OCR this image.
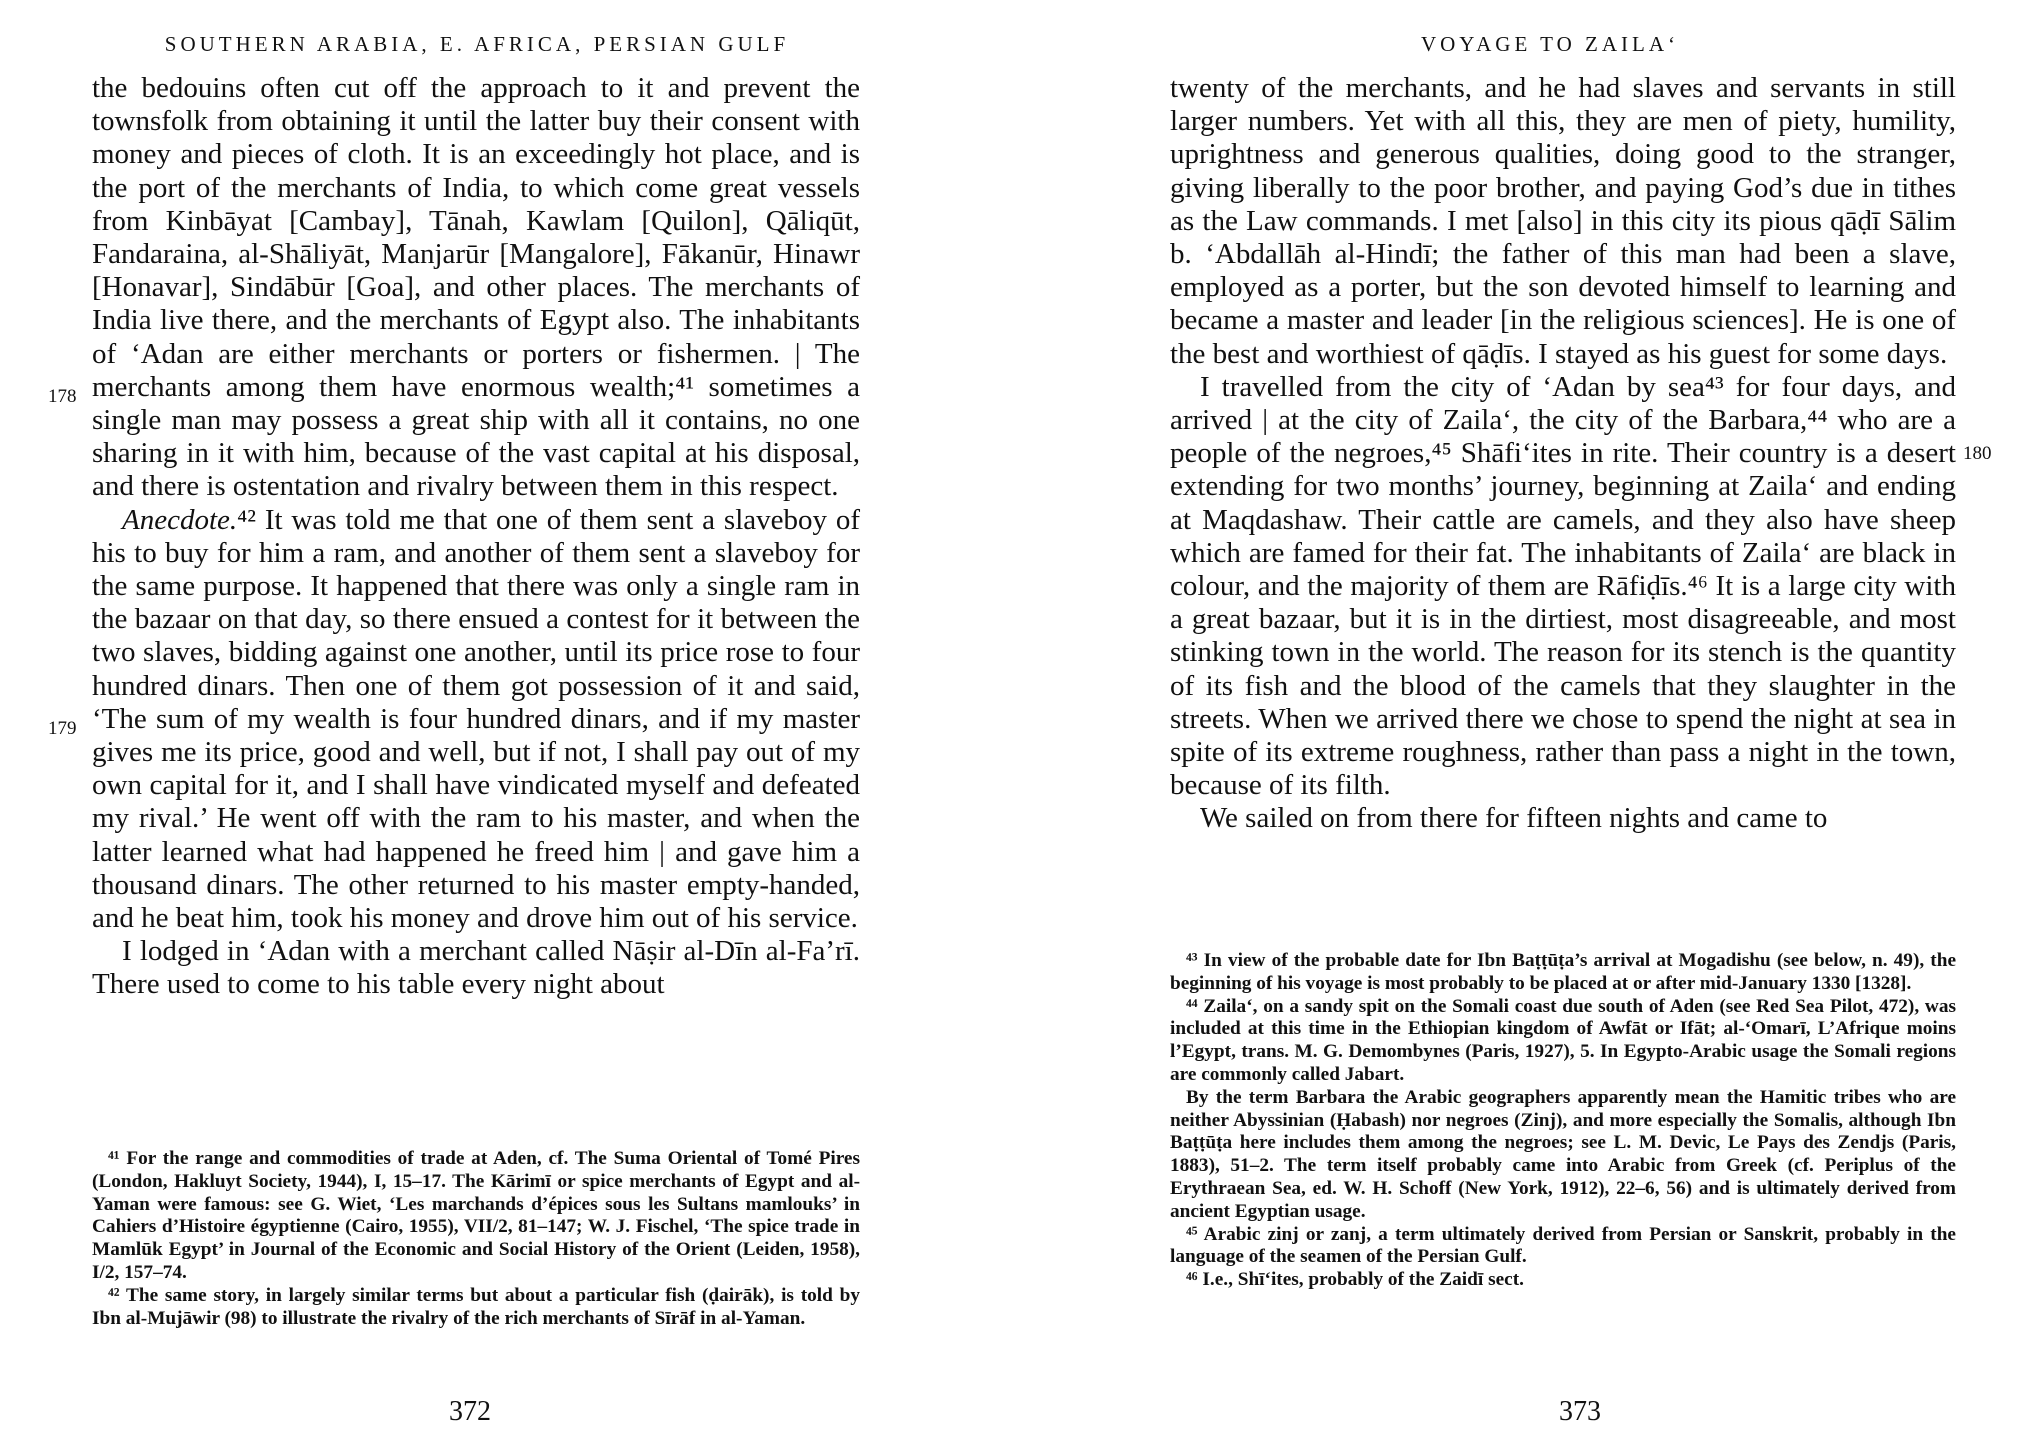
SOUTHERN ARABIA, E. AFRICA, PERSIAN GULF
178
179

the bedouins often cut off the approach to it and prevent the townsfolk from obtaining it until the latter buy their consent with money and pieces of cloth. It is an exceedingly hot place, and is the port of the merchants of India, to which come great vessels from Kinbāyat [Cambay], Tānah, Kawlam [Quilon], Qāliqūt, Fandaraina, al-Shāliyāt, Manjarūr [Mangalore], Fākanūr, Hinawr [Honavar], Sindābūr [Goa], and other places. The merchants of India live there, and the merchants of Egypt also. The inhabitants of ‘Adan are either merchants or porters or fishermen. | The merchants among them have enormous wealth;⁴¹ sometimes a single man may possess a great ship with all it contains, no one sharing in it with him, because of the vast capital at his disposal, and there is ostentation and rivalry between them in this respect.

Anecdote.⁴² It was told me that one of them sent a slaveboy of his to buy for him a ram, and another of them sent a slaveboy for the same purpose. It happened that there was only a single ram in the bazaar on that day, so there ensued a contest for it between the two slaves, bidding against one another, until its price rose to four hundred dinars. Then one of them got possession of it and said, ‘The sum of my wealth is four hundred dinars, and if my master gives me its price, good and well, but if not, I shall pay out of my own capital for it, and I shall have vindicated myself and defeated my rival.’ He went off with the ram to his master, and when the latter learned what had happened he freed him | and gave him a thousand dinars. The other returned to his master empty-handed, and he beat him, took his money and drove him out of his service.

I lodged in ‘Adan with a merchant called Nāṣir al-Dīn al-Fa’rī. There used to come to his table every night about

⁴¹ For the range and commodities of trade at Aden, cf. The Suma Oriental of Tomé Pires (London, Hakluyt Society, 1944), I, 15–17. The Kārimī or spice merchants of Egypt and al-Yaman were famous: see G. Wiet, ‘Les marchands d’épices sous les Sultans mamlouks’ in Cahiers d’Histoire égyptienne (Cairo, 1955), VII/2, 81–147; W. J. Fischel, ‘The spice trade in Mamlūk Egypt’ in Journal of the Economic and Social History of the Orient (Leiden, 1958), I/2, 157–74.

⁴² The same story, in largely similar terms but about a particular fish (ḍairāk), is told by Ibn al-Mujāwir (98) to illustrate the rivalry of the rich merchants of Sīrāf in al-Yaman.

372
VOYAGE TO ZAILA‘
180

twenty of the merchants, and he had slaves and servants in still larger numbers. Yet with all this, they are men of piety, humility, uprightness and generous qualities, doing good to the stranger, giving liberally to the poor brother, and paying God’s due in tithes as the Law commands. I met [also] in this city its pious qāḍī Sālim b. ‘Abdallāh al-Hindī; the father of this man had been a slave, employed as a porter, but the son devoted himself to learning and became a master and leader [in the religious sciences]. He is one of the best and worthiest of qāḍīs. I stayed as his guest for some days.

I travelled from the city of ‘Adan by sea⁴³ for four days, and arrived | at the city of Zaila‘, the city of the Barbara,⁴⁴ who are a people of the negroes,⁴⁵ Shāfi‘ites in rite. Their country is a desert extending for two months’ journey, beginning at Zaila‘ and ending at Maqdashaw. Their cattle are camels, and they also have sheep which are famed for their fat. The inhabitants of Zaila‘ are black in colour, and the majority of them are Rāfiḍīs.⁴⁶ It is a large city with a great bazaar, but it is in the dirtiest, most disagreeable, and most stinking town in the world. The reason for its stench is the quantity of its fish and the blood of the camels that they slaughter in the streets. When we arrived there we chose to spend the night at sea in spite of its extreme roughness, rather than pass a night in the town, because of its filth.

We sailed on from there for fifteen nights and came to

⁴³ In view of the probable date for Ibn Baṭṭūṭa’s arrival at Mogadishu (see below, n. 49), the beginning of his voyage is most probably to be placed at or after mid-January 1330 [1328].

⁴⁴ Zaila‘, on a sandy spit on the Somali coast due south of Aden (see Red Sea Pilot, 472), was included at this time in the Ethiopian kingdom of Awfāt or Ifāt; al-‘Omarī, L’Afrique moins l’Egypt, trans. M. G. Demombynes (Paris, 1927), 5. In Egypto-Arabic usage the Somali regions are commonly called Jabart.

By the term Barbara the Arabic geographers apparently mean the Hamitic tribes who are neither Abyssinian (Ḥabash) nor negroes (Zinj), and more especially the Somalis, although Ibn Baṭṭūṭa here includes them among the negroes; see L. M. Devic, Le Pays des Zendjs (Paris, 1883), 51–2. The term itself probably came into Arabic from Greek (cf. Periplus of the Erythraean Sea, ed. W. H. Schoff (New York, 1912), 22–6, 56) and is ultimately derived from ancient Egyptian usage.

⁴⁵ Arabic zinj or zanj, a term ultimately derived from Persian or Sanskrit, probably in the language of the seamen of the Persian Gulf.

⁴⁶ I.e., Shī‘ites, probably of the Zaidī sect.

373
